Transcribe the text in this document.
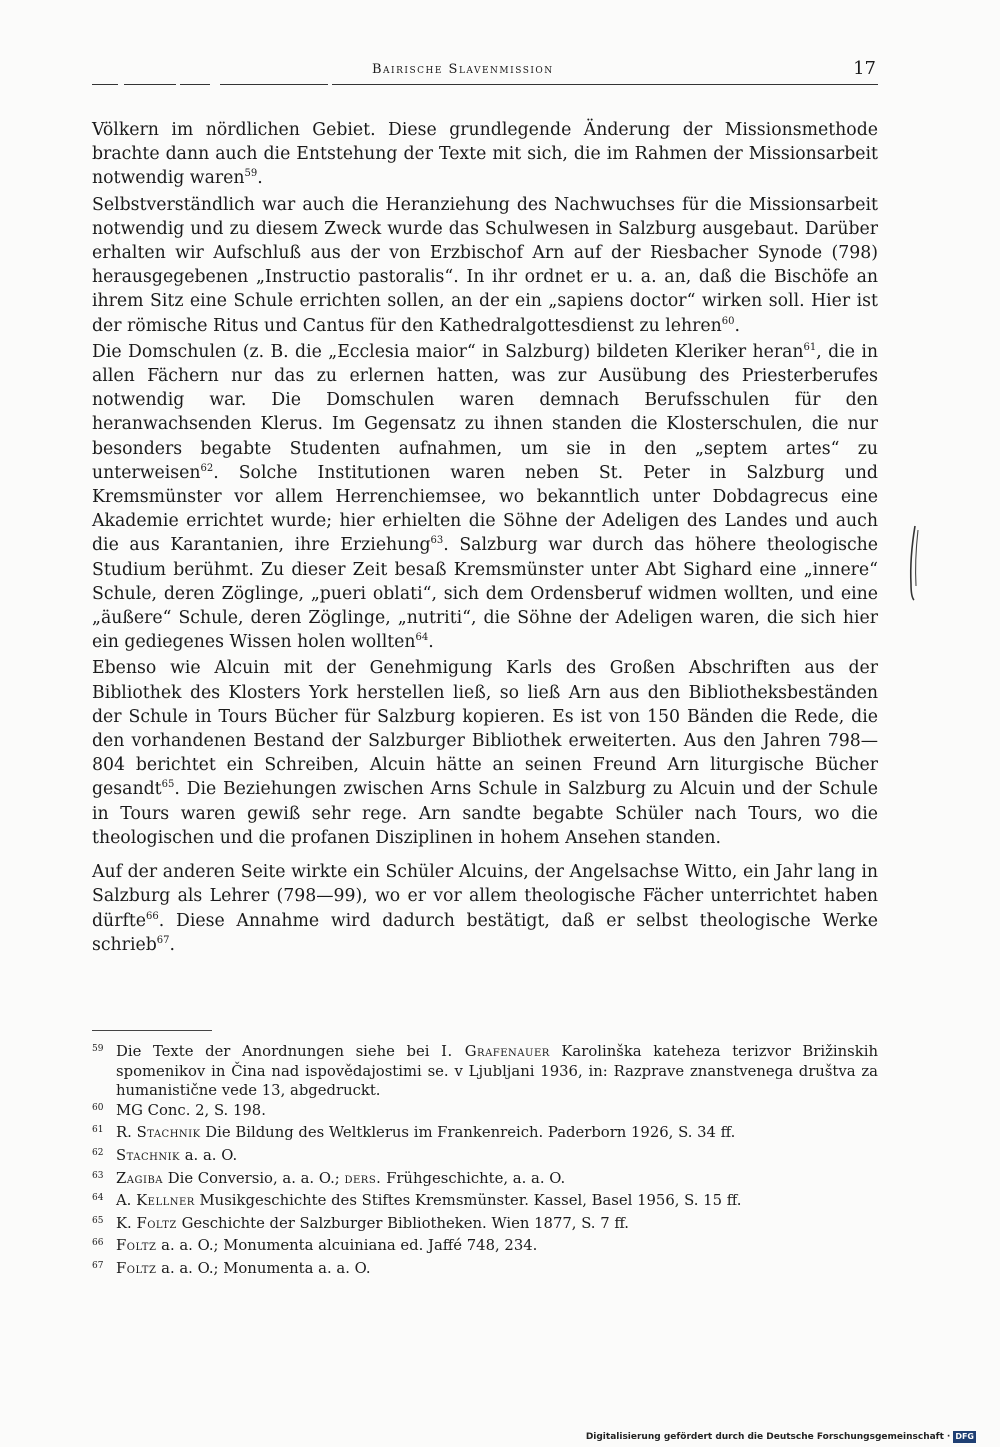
Bairische Slavenmission	17

Völkern im nördlichen Gebiet. Diese grundlegende Änderung der Missionsmethode brachte dann auch die Entstehung der Texte mit sich, die im Rahmen der Missionsarbeit notwendig waren$^{59}$.

Selbstverständlich war auch die Heranziehung des Nachwuchses für die Missionsarbeit notwendig und zu diesem Zweck wurde das Schulwesen in Salzburg ausgebaut. Darüber erhalten wir Aufschluß aus der von Erzbischof Arn auf der Riesbacher Synode (798) herausgegebenen „Instructio pastoralis“. In ihr ordnet er u. a. an, daß die Bischöfe an ihrem Sitz eine Schule errichten sollen, an der ein „sapiens doctor“ wirken soll. Hier ist der römische Ritus und Cantus für den Kathedralgottesdienst zu lehren$^{60}$.

Die Domschulen (z. B. die „Ecclesia maior“ in Salzburg) bildeten Kleriker heran$^{61}$, die in allen Fächern nur das zu erlernen hatten, was zur Ausübung des Priesterberufes notwendig war. Die Domschulen waren demnach Berufsschulen für den heranwachsenden Klerus. Im Gegensatz zu ihnen standen die Klosterschulen, die nur besonders begabte Studenten aufnahmen, um sie in den „septem artes“ zu unterweisen$^{62}$. Solche Institutionen waren neben St. Peter in Salzburg und Kremsmünster vor allem Herrenchiemsee, wo bekanntlich unter Dobdagrecus eine Akademie errichtet wurde; hier erhielten die Söhne der Adeligen des Landes und auch die aus Karantanien, ihre Erziehung$^{63}$. Salzburg war durch das höhere theologische Studium berühmt. Zu dieser Zeit besaß Kremsmünster unter Abt Sighard eine „innere“ Schule, deren Zöglinge, „pueri oblati“, sich dem Ordensberuf widmen wollten, und eine „äußere“ Schule, deren Zöglinge, „nutriti“, die Söhne der Adeligen waren, die sich hier ein gediegenes Wissen holen wollten$^{64}$.

Ebenso wie Alcuin mit der Genehmigung Karls des Großen Abschriften aus der Bibliothek des Klosters York herstellen ließ, so ließ Arn aus den Bibliotheksbeständen der Schule in Tours Bücher für Salzburg kopieren. Es ist von 150 Bänden die Rede, die den vorhandenen Bestand der Salzburger Bibliothek erweiterten. Aus den Jahren 798—804 berichtet ein Schreiben, Alcuin hätte an seinen Freund Arn liturgische Bücher gesandt$^{65}$. Die Beziehungen zwischen Arns Schule in Salzburg zu Alcuin und der Schule in Tours waren gewiß sehr rege. Arn sandte begabte Schüler nach Tours, wo die theologischen und die profanen Disziplinen in hohem Ansehen standen.

Auf der anderen Seite wirkte ein Schüler Alcuins, der Angelsachse Witto, ein Jahr lang in Salzburg als Lehrer (798—99), wo er vor allem theologische Fächer unterrichtet haben dürfte$^{66}$. Diese Annahme wird dadurch bestätigt, daß er selbst theologische Werke schrieb$^{67}$.

59 Die Texte der Anordnungen siehe bei I. Grafenauer Karolinška kateheza terizvor Brižinskih spomenikov in Čina nad ispovědajostimi se. v Ljubljani 1936, in: Razprave znanstvenega društva za humanistične vede 13, abgedruckt.
60 MG Conc. 2, S. 198.
61 R. Stachnik Die Bildung des Weltklerus im Frankenreich. Paderborn 1926, S. 34 ff.
62 Stachnik a. a. O.
63 Zagiba Die Conversio, a. a. O.; ders. Frühgeschichte, a. a. O.
64 A. Kellner Musikgeschichte des Stiftes Kremsmünster. Kassel, Basel 1956, S. 15 ff.
65 K. Foltz Geschichte der Salzburger Bibliotheken. Wien 1877, S. 7 ff.
66 Foltz a. a. O.; Monumenta alcuiniana ed. Jaffé 748, 234.
67 Foltz a. a. O.; Monumenta a. a. O.
Digitalisierung gefördert durch die Deutsche Forschungsgemeinschaft · DFG
